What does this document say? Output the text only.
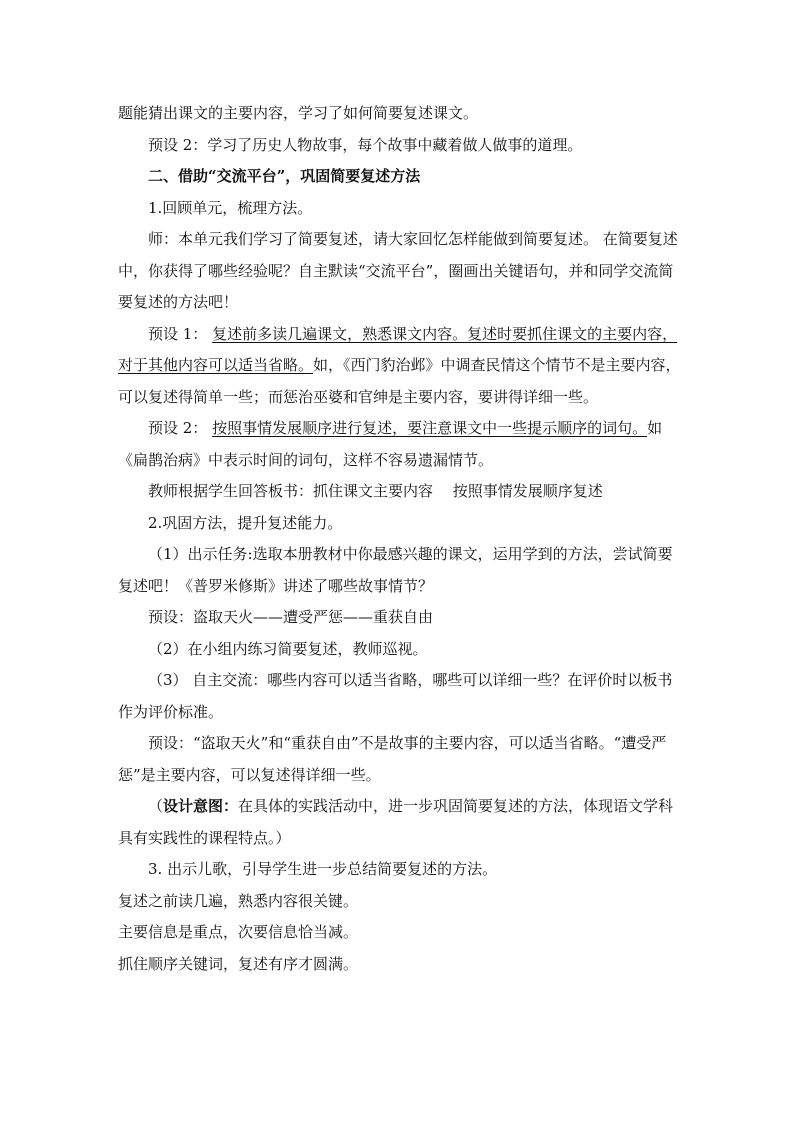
题能猜出课文的主要内容，学习了如何简要复述课文。

预设 2：学习了历史人物故事，每个故事中藏着做人做事的道理。

二、借助“交流平台”，巩固简要复述方法

1.回顾单元，梳理方法。

师：本单元我们学习了简要复述，请大家回忆怎样能做到简要复述。 在简要复述中，你获得了哪些经验呢？自主默读“交流平台”，圈画出关键语句，并和同学交流简要复述的方法吧！

预设 1： 复述前多读几遍课文，熟悉课文内容。复述时要抓住课文的主要内容，对于其他内容可以适当省略。如，《西门豹治邺》中调查民情这个情节不是主要内容，可以复述得简单一些；而惩治巫婆和官绅是主要内容，要讲得详细一些。

预设 2： 按照事情发展顺序进行复述，要注意课文中一些提示顺序的词句。如《扁鹊治病》中表示时间的词句，这样不容易遗漏情节。

教师根据学生回答板书：抓住课文主要内容　 按照事情发展顺序复述

2.巩固方法，提升复述能力。

（1）出示任务:选取本册教材中你最感兴趣的课文，运用学到的方法，尝试简要复述吧！《普罗米修斯》讲述了哪些故事情节？

预设：盗取天火——遭受严惩——重获自由

（2）在小组内练习简要复述，教师巡视。

（3） 自主交流：哪些内容可以适当省略，哪些可以详细一些？在评价时以板书作为评价标准。

预设：“盗取天火”和“重获自由”不是故事的主要内容，可以适当省略。“遭受严惩”是主要内容，可以复述得详细一些。

（设计意图：在具体的实践活动中，进一步巩固简要复述的方法，体现语文学科具有实践性的课程特点。）

3. 出示儿歌，引导学生进一步总结简要复述的方法。

复述之前读几遍，熟悉内容很关键。

主要信息是重点，次要信息恰当减。

抓住顺序关键词，复述有序才圆满。
